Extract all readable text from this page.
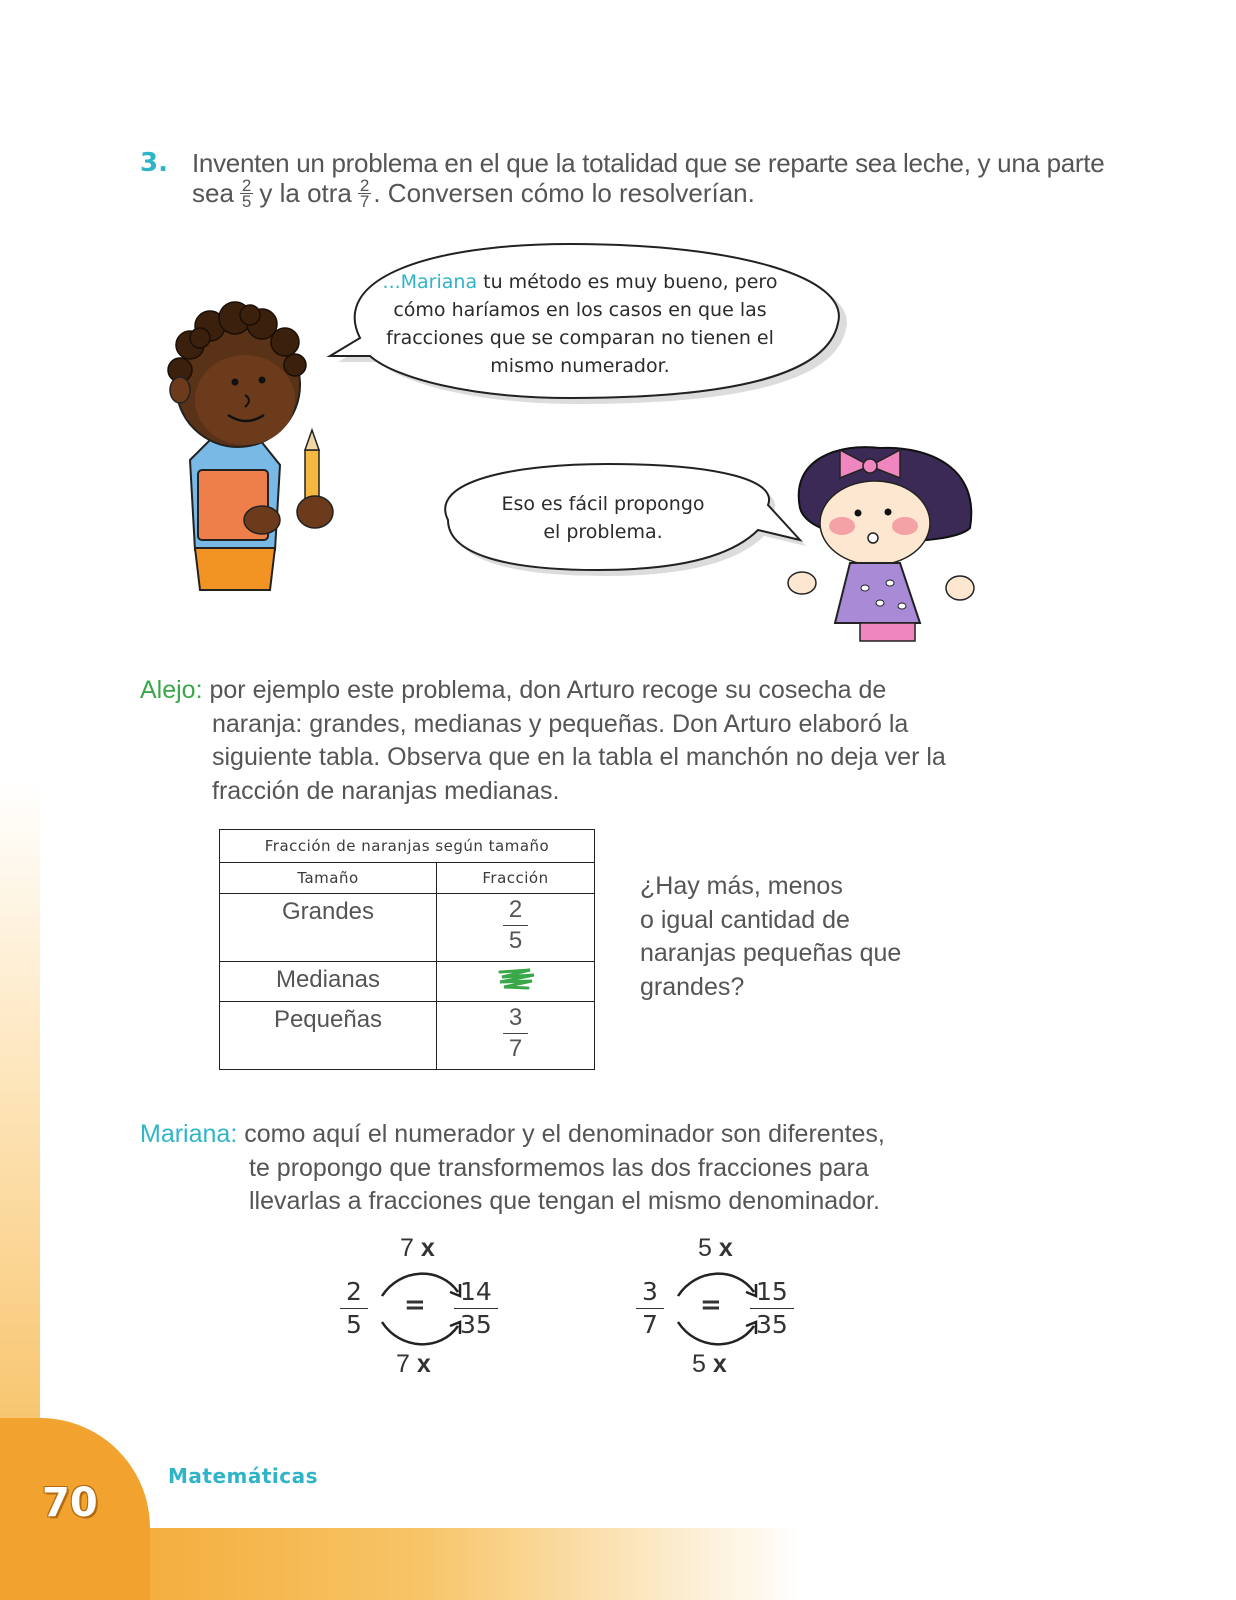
70
Matemáticas
3. Inventen un problema en el que la totalidad que se reparte sea leche, y una parte
sea $\frac{2}{5}$ y la otra $\frac{2}{7}$ . Conversen cómo lo resolverían.
...Mariana tu método es muy bueno, pero
cómo haríamos en los casos en que las
fracciones que se comparan no tienen el
mismo numerador.
Eso es fácil propongo
el problema.
Alejo: por ejemplo este problema, don Arturo recoge su cosecha de
naranja: grandes, medianas y pequeñas. Don Arturo elaboró la
siguiente tabla. Observa que en la tabla el manchón no deja ver la
fracción de naranjas medianas.
Fracción de naranjas según tamaño	
Tamaño	Fracción
Grandes	$\frac{2}{5}$

Medianas	
Pequeñas	$\frac{3}{7}$
¿Hay más, menos
o igual cantidad de
naranjas pequeñas que
grandes?
Mariana: como aquí el numerador y el denominador son diferentes,
te propongo que transformemos las dos fracciones para
llevarlas a fracciones que tengan el mismo denominador.
7 x
$\frac{2}{5} = \frac{14}{35}$
7 x
5 x
$\frac{3}{7} = \frac{15}{35}$
5 x
